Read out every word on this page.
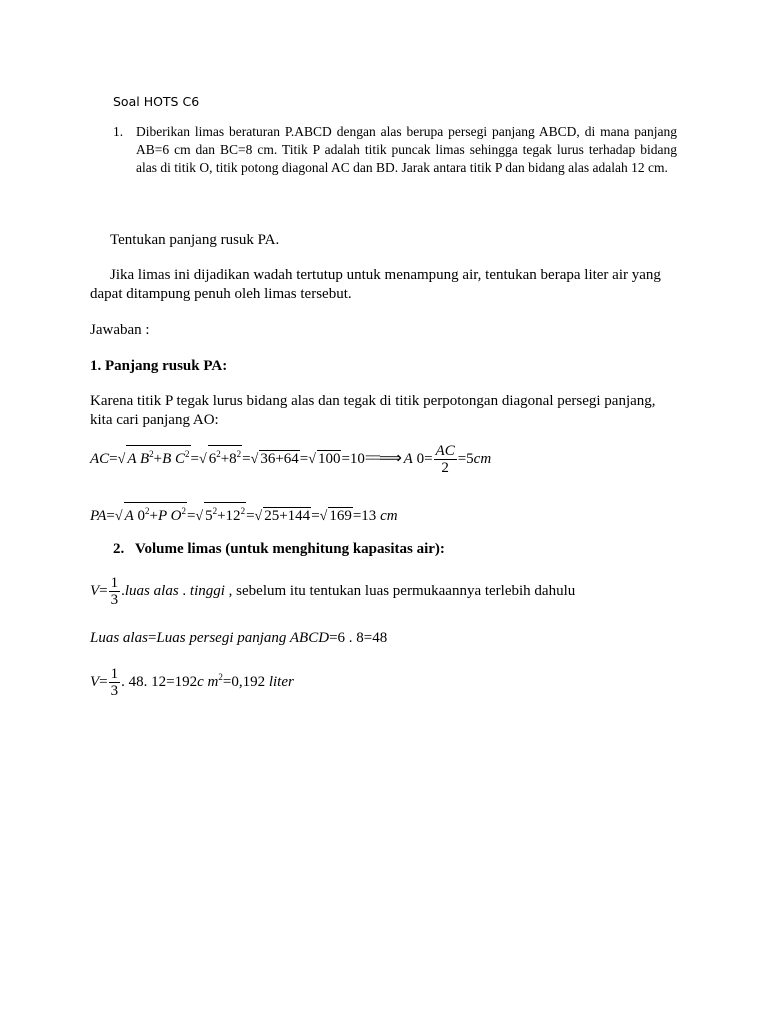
Soal HOTS C6
1. Diberikan limas beraturan P.ABCD dengan alas berupa persegi panjang ABCD, di mana panjang AB=6 cm dan BC=8 cm. Titik P adalah titik puncak limas sehingga tegak lurus terhadap bidang alas di titik O, titik potong diagonal AC dan BD. Jarak antara titik P dan bidang alas adalah 12 cm.
Tentukan panjang rusuk PA.
Jika limas ini dijadikan wadah tertutup untuk menampung air, tentukan berapa liter air yang dapat ditampung penuh oleh limas tersebut.
Jawaban :
1. Panjang rusuk PA:
Karena titik P tegak lurus bidang alas dan tegak di titik perpotongan diagonal persegi panjang, kita cari panjang AO:
AC=√ A $B^2+B$ $C^2=√$ $6^2+8^2=√$ 36+64=√ 100=10==⟹ A $0= \frac{AC}{2} =5cm$
PA=√ A $0^2+P$ $O^2=√$ $5^2+12^2=√$ 25+144=√ 169=13 cm
2. Volume limas (untuk menghitung kapasitas air):
$V= \frac{1}{3}$ .luas alas . tinggi , sebelum itu tentukan luas permukaannya terlebih dahulu
Luas alas=Luas persegi panjang ABCD=6 . 8=48
$V= \frac{1}{3}$ . 48. 12=192c $m^2=0,192$ liter
